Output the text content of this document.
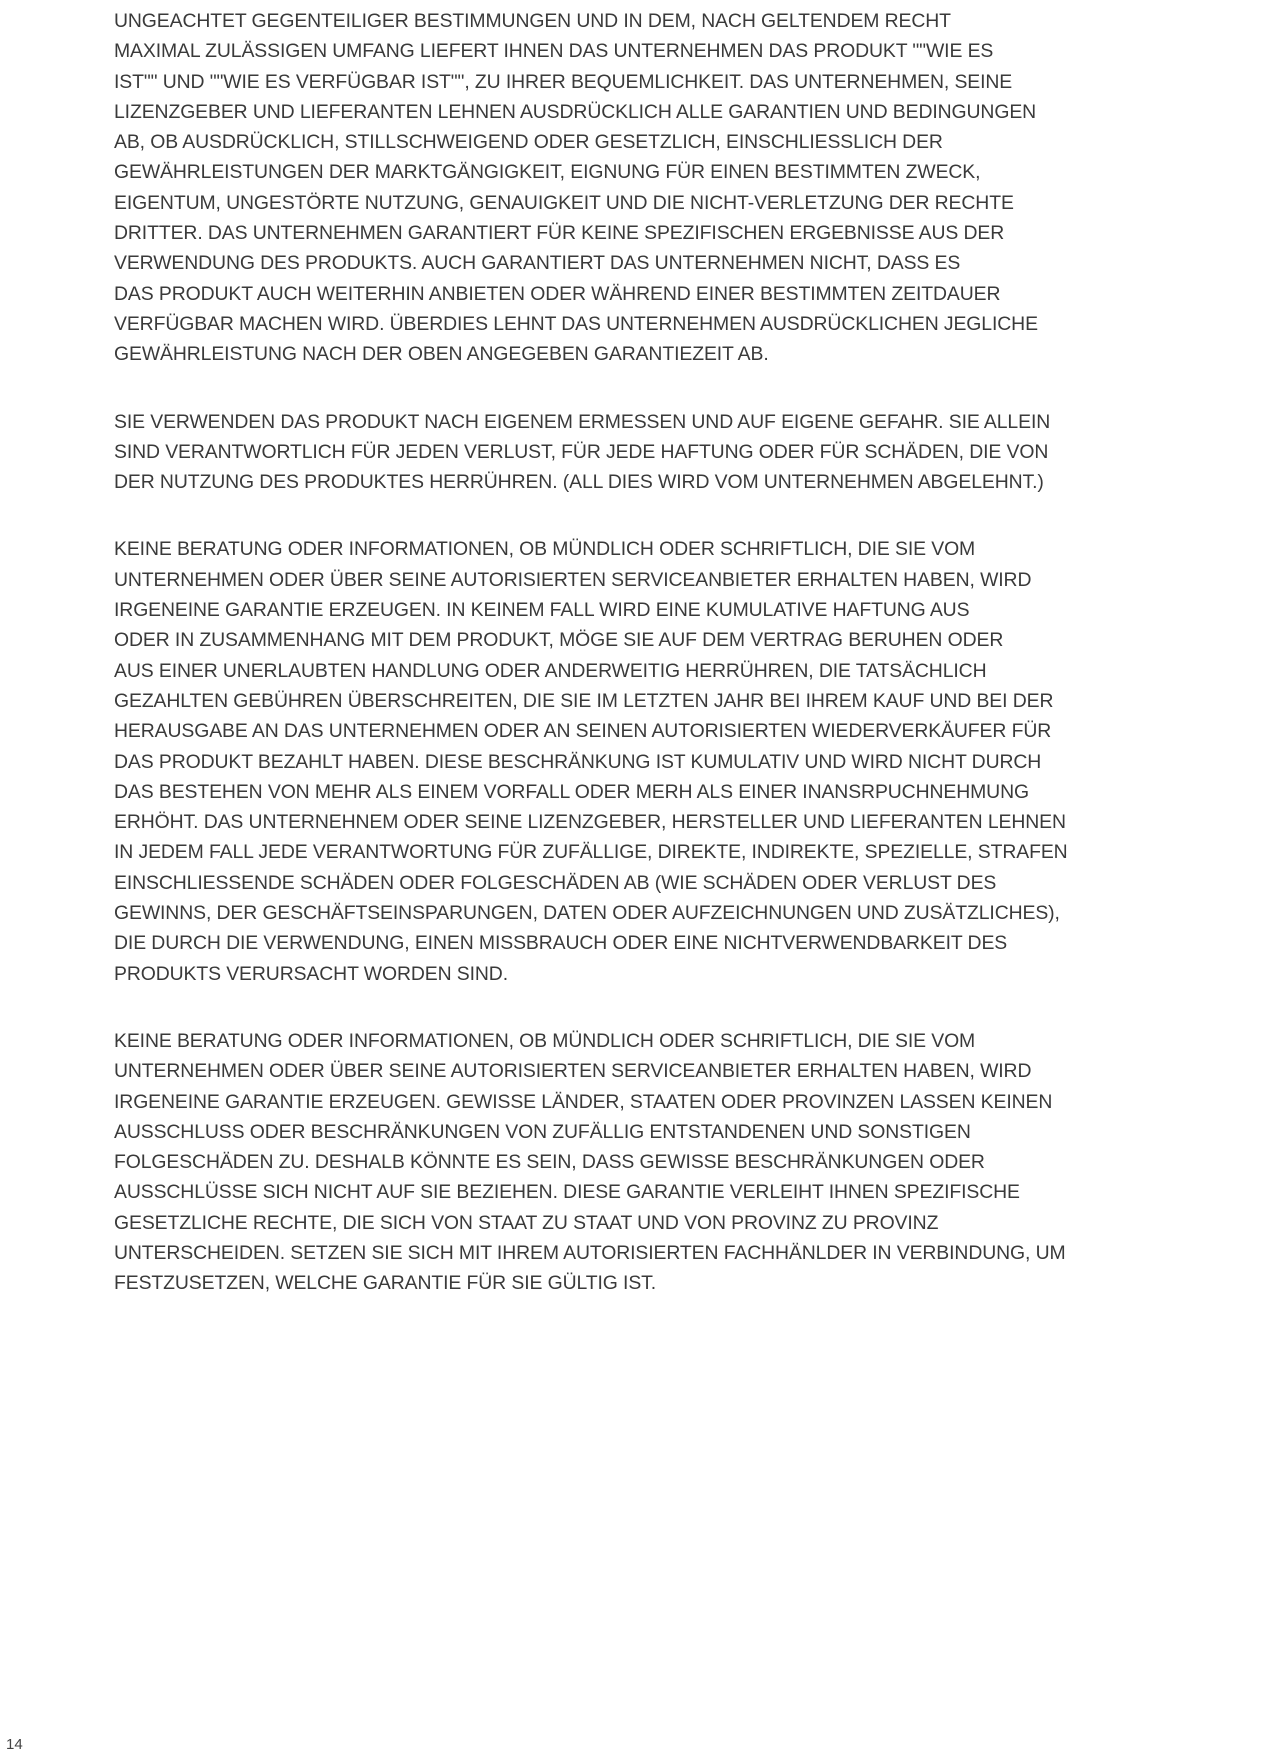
UNGEACHTET GEGENTEILIGER BESTIMMUNGEN UND IN DEM, NACH GELTENDEM RECHT
MAXIMAL ZULÄSSIGEN UMFANG LIEFERT IHNEN DAS UNTERNEHMEN DAS PRODUKT ""WIE ES
IST"" UND ""WIE ES VERFÜGBAR IST"", ZU IHRER BEQUEMLICHKEIT. DAS UNTERNEHMEN, SEINE
LIZENZGEBER UND LIEFERANTEN LEHNEN AUSDRÜCKLICH ALLE GARANTIEN UND BEDINGUNGEN
AB, OB AUSDRÜCKLICH, STILLSCHWEIGEND ODER GESETZLICH, EINSCHLIESSLICH DER
GEWÄHRLEISTUNGEN DER MARKTGÄNGIGKEIT, EIGNUNG FÜR EINEN BESTIMMTEN ZWECK,
EIGENTUM, UNGESTÖRTE NUTZUNG, GENAUIGKEIT UND DIE NICHT-VERLETZUNG DER RECHTE
DRITTER. DAS UNTERNEHMEN GARANTIERT FÜR KEINE SPEZIFISCHEN ERGEBNISSE AUS DER
VERWENDUNG DES PRODUKTS. AUCH GARANTIERT DAS UNTERNEHMEN NICHT, DASS ES
DAS PRODUKT AUCH WEITERHIN ANBIETEN ODER WÄHREND EINER BESTIMMTEN ZEITDAUER
VERFÜGBAR MACHEN WIRD. ÜBERDIES LEHNT DAS UNTERNEHMEN AUSDRÜCKLICHEN JEGLICHE
GEWÄHRLEISTUNG NACH DER OBEN ANGEGEBEN GARANTIEZEIT AB.

SIE VERWENDEN DAS PRODUKT NACH EIGENEM ERMESSEN UND AUF EIGENE GEFAHR. SIE ALLEIN
SIND VERANTWORTLICH FÜR JEDEN VERLUST, FÜR JEDE HAFTUNG ODER FÜR SCHÄDEN, DIE VON
DER NUTZUNG DES PRODUKTES HERRÜHREN. (ALL DIES WIRD VOM UNTERNEHMEN ABGELEHNT.)

KEINE BERATUNG ODER INFORMATIONEN, OB MÜNDLICH ODER SCHRIFTLICH, DIE SIE VOM
UNTERNEHMEN ODER ÜBER SEINE AUTORISIERTEN SERVICEANBIETER ERHALTEN HABEN, WIRD
IRGENEINE GARANTIE ERZEUGEN. IN KEINEM FALL WIRD EINE KUMULATIVE HAFTUNG AUS
ODER IN ZUSAMMENHANG MIT DEM PRODUKT, MÖGE SIE AUF DEM VERTRAG BERUHEN ODER
AUS EINER UNERLAUBTEN HANDLUNG ODER ANDERWEITIG HERRÜHREN, DIE TATSÄCHLICH
GEZAHLTEN GEBÜHREN ÜBERSCHREITEN, DIE SIE IM LETZTEN JAHR BEI IHREM KAUF UND BEI DER
HERAUSGABE AN DAS UNTERNEHMEN ODER AN SEINEN AUTORISIERTEN WIEDERVERKÄUFER FÜR
DAS PRODUKT BEZAHLT HABEN. DIESE BESCHRÄNKUNG IST KUMULATIV UND WIRD NICHT DURCH
DAS BESTEHEN VON MEHR ALS EINEM VORFALL ODER MERH ALS EINER INANSRPUCHNEHMUNG
ERHÖHT. DAS UNTERNEHNEM ODER SEINE LIZENZGEBER, HERSTELLER UND LIEFERANTEN LEHNEN
IN JEDEM FALL JEDE VERANTWORTUNG FÜR ZUFÄLLIGE, DIREKTE, INDIREKTE, SPEZIELLE, STRAFEN
EINSCHLIESSENDE SCHÄDEN ODER FOLGESCHÄDEN AB (WIE SCHÄDEN ODER VERLUST DES
GEWINNS, DER GESCHÄFTSEINSPARUNGEN, DATEN ODER AUFZEICHNUNGEN UND ZUSÄTZLICHES),
DIE DURCH DIE VERWENDUNG, EINEN MISSBRAUCH ODER EINE NICHTVERWENDBARKEIT DES
PRODUKTS VERURSACHT WORDEN SIND.

KEINE BERATUNG ODER INFORMATIONEN, OB MÜNDLICH ODER SCHRIFTLICH, DIE SIE VOM
UNTERNEHMEN ODER ÜBER SEINE AUTORISIERTEN SERVICEANBIETER ERHALTEN HABEN, WIRD
IRGENEINE GARANTIE ERZEUGEN. GEWISSE LÄNDER, STAATEN ODER PROVINZEN LASSEN KEINEN
AUSSCHLUSS ODER BESCHRÄNKUNGEN VON ZUFÄLLIG ENTSTANDENEN UND SONSTIGEN
FOLGESCHÄDEN ZU. DESHALB KÖNNTE ES SEIN, DASS GEWISSE BESCHRÄNKUNGEN ODER
AUSSCHLÜSSE SICH NICHT AUF SIE BEZIEHEN. DIESE GARANTIE VERLEIHT IHNEN SPEZIFISCHE
GESETZLICHE RECHTE, DIE SICH VON STAAT ZU STAAT UND VON PROVINZ ZU PROVINZ
UNTERSCHEIDEN. SETZEN SIE SICH MIT IHREM AUTORISIERTEN FACHHÄNLDER IN VERBINDUNG, UM
FESTZUSETZEN, WELCHE GARANTIE FÜR SIE GÜLTIG IST.

14
